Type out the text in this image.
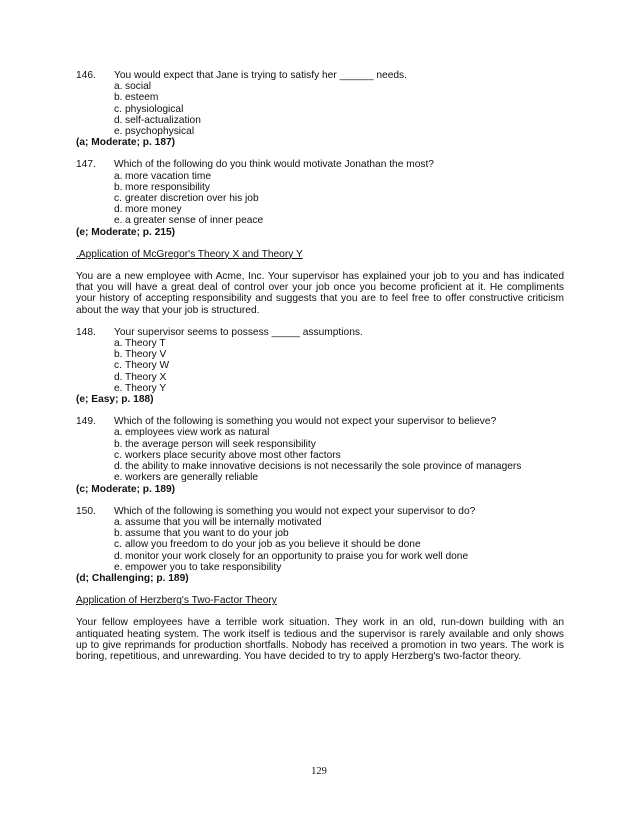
146.	You would expect that Jane is trying to satisfy her ______ needs.
a. social
b. esteem
c. physiological
d. self-actualization
e. psychophysical
(a; Moderate; p. 187)
147.	Which of the following do you think would motivate Jonathan the most?
a. more vacation time
b. more responsibility
c. greater discretion over his job
d. more money
e. a greater sense of inner peace
(e; Moderate; p. 215)
.Application of McGregor's Theory X and Theory Y

You are a new employee with Acme, Inc. Your supervisor has explained your job to you and has indicated that you will have a great deal of control over your job once you become proficient at it. He compliments your history of accepting responsibility and suggests that you are to feel free to offer constructive criticism about the way that your job is structured.

148.	Your supervisor seems to possess _____ assumptions.
a. Theory T
b. Theory V
c. Theory W
d. Theory X
e. Theory Y
(e; Easy; p. 188)
149.	Which of the following is something you would not expect your supervisor to believe?
a. employees view work as natural
b. the average person will seek responsibility
c. workers place security above most other factors
d. the ability to make innovative decisions is not necessarily the sole province of managers
e. workers are generally reliable
(c; Moderate; p. 189)
150.	Which of the following is something you would not expect your supervisor to do?
a. assume that you will be internally motivated
b. assume that you want to do your job
c. allow you freedom to do your job as you believe it should be done
d. monitor your work closely for an opportunity to praise you for work well done
e. empower you to take responsibility
(d; Challenging; p. 189)
Application of Herzberg's Two-Factor Theory

Your fellow employees have a terrible work situation. They work in an old, run-down building with an antiquated heating system. The work itself is tedious and the supervisor is rarely available and only shows up to give reprimands for production shortfalls. Nobody has received a promotion in two years. The work is boring, repetitious, and unrewarding. You have decided to try to apply Herzberg's two-factor theory.

129
